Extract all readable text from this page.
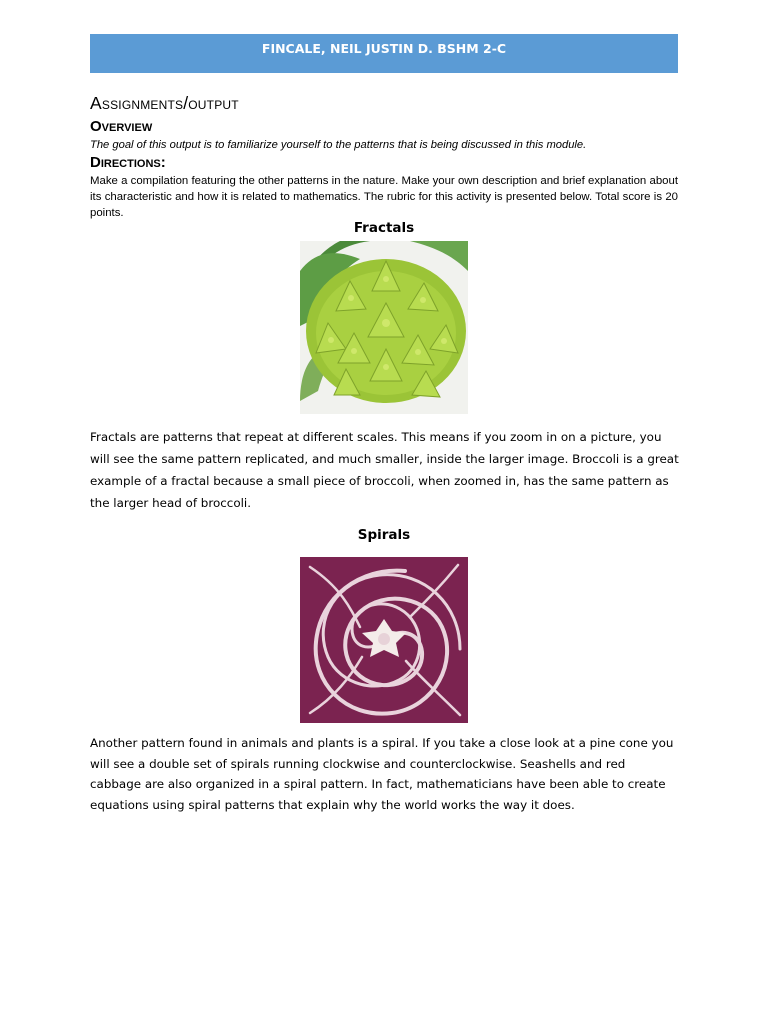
FINCALE, NEIL JUSTIN D. BSHM 2-C
Assignments/output
Overview

The goal of this output is to familiarize yourself to the patterns that is being discussed in this module.

Directions:

Make a compilation featuring the other patterns in the nature. Make your own description and brief explanation about its characteristic and how it is related to mathematics. The rubric for this activity is presented below. Total score is 20 points.

Fractals

Fractals are patterns that repeat at different scales. This means if you zoom in on a picture, you will see the same pattern replicated, and much smaller, inside the larger image. Broccoli is a great example of a fractal because a small piece of broccoli, when zoomed in, has the same pattern as the larger head of broccoli.

Spirals

Another pattern found in animals and plants is a spiral. If you take a close look at a pine cone you will see a double set of spirals running clockwise and counterclockwise. Seashells and red cabbage are also organized in a spiral pattern. In fact, mathematicians have been able to create equations using spiral patterns that explain why the world works the way it does.
